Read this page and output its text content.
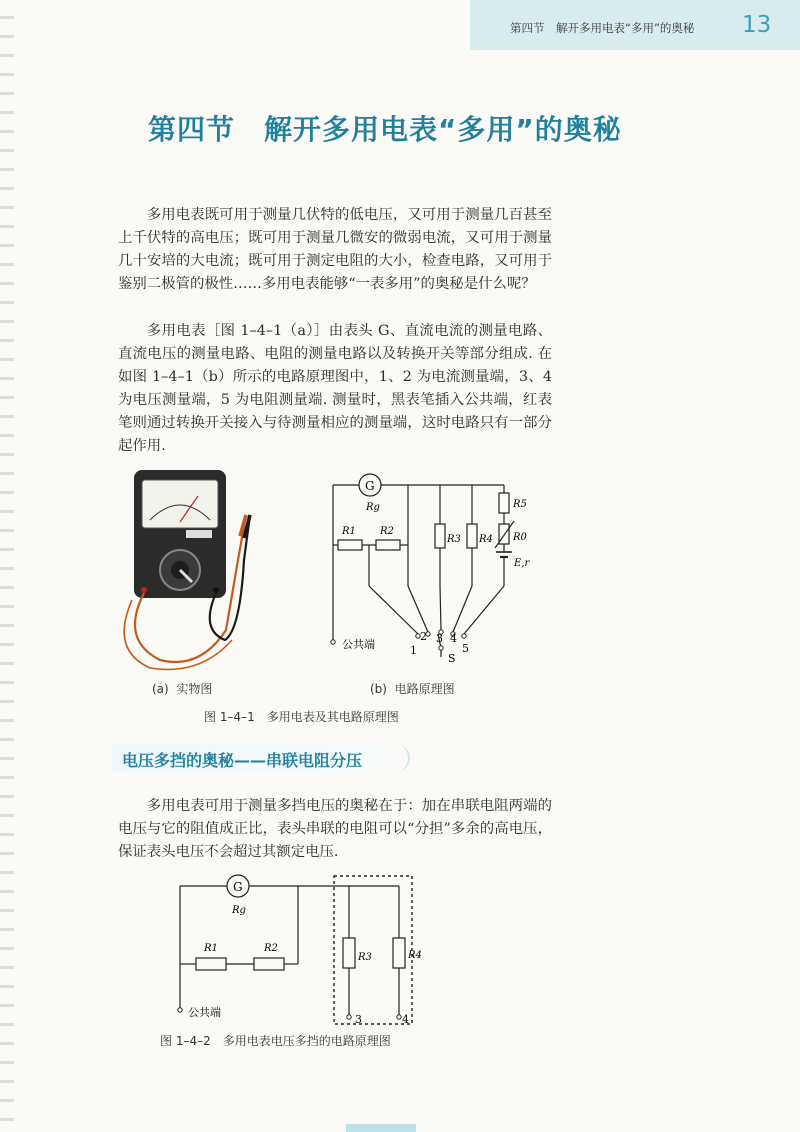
第四节　解开多用电表“多用”的奥秘 13
第四节　解开多用电表“多用”的奥秘

多用电表既可用于测量几伏特的低电压，又可用于测量几百甚至上千伏特的高电压；既可用于测量几微安的微弱电流，又可用于测量几十安培的大电流；既可用于测定电阻的大小，检查电路，又可用于鉴别二极管的极性……多用电表能够“一表多用”的奥秘是什么呢？

多用电表［图 1–4–1（a）］由表头 G、直流电流的测量电路、直流电压的测量电路、电阻的测量电路以及转换开关等部分组成. 在如图 1–4–1（b）所示的电路原理图中，1、2 为电流测量端，3、4 为电压测量端，5 为电阻测量端. 测量时，黑表笔插入公共端，红表笔则通过转换开关接入与待测量相应的测量端，这时电路只有一部分起作用.

G
Rg
R1 R2
R3 R4
R5
R0
E,r
公共端	1
2 3 4
5
S
G
Rg
R1	R2
R3	R4
公共端
3	4
(a)  实物图	(b)  电路原理图
图 1–4–1　多用电表及其电路原理图
电压多挡的奥秘——串联电阻分压

多用电表可用于测量多挡电压的奥秘在于：加在串联电阻两端的电压与它的阻值成正比，表头串联的电阻可以“分担”多余的高电压，保证表头电压不会超过其额定电压.

图 1–4–2　多用电表电压多挡的电路原理图
